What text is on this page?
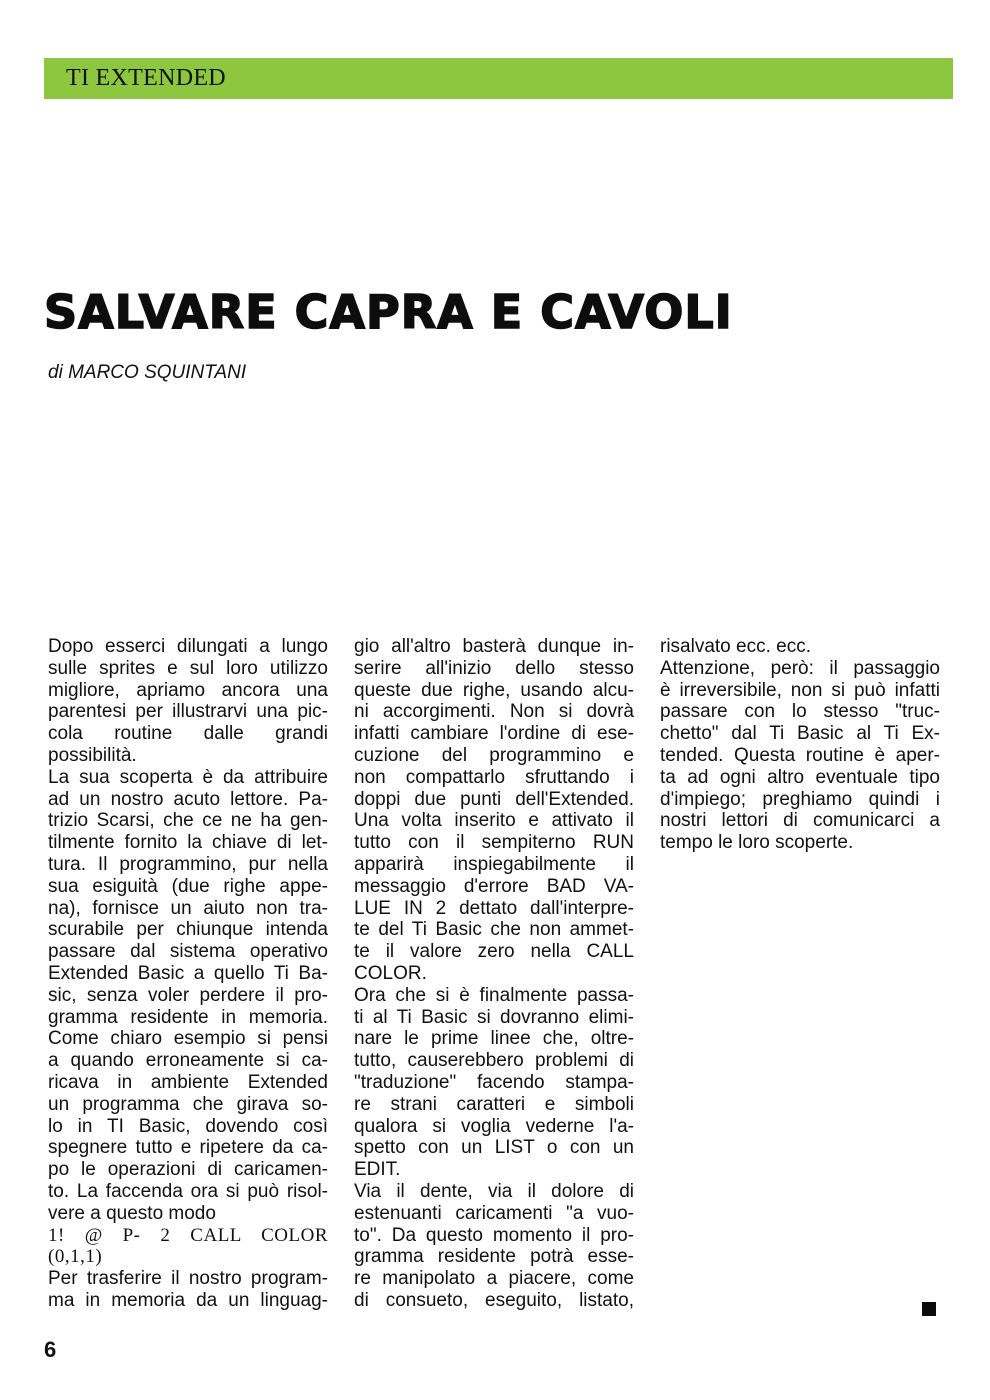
TI EXTENDED
SALVARE CAPRA E CAVOLI
di MARCO SQUINTANI
Dopo esserci dilungati a lungo
sulle sprites e sul loro utilizzo
migliore, apriamo ancora una
parentesi per illustrarvi una pic-
cola routine dalle grandi
possibilità.
La sua scoperta è da attribuire
ad un nostro acuto lettore. Pa-
trizio Scarsi, che ce ne ha gen-
tilmente fornito la chiave di let-
tura. Il programmino, pur nella
sua esiguità (due righe appe-
na), fornisce un aiuto non tra-
scurabile per chiunque intenda
passare dal sistema operativo
Extended Basic a quello Ti Ba-
sic, senza voler perdere il pro-
gramma residente in memoria.
Come chiaro esempio si pensi
a quando erroneamente si ca-
ricava in ambiente Extended
un programma che girava so-
lo in TI Basic, dovendo così
spegnere tutto e ripetere da ca-
po le operazioni di caricamen-
to. La faccenda ora si può risol-
vere a questo modo
1! @ P- 2 CALL COLOR
(0,1,1)
Per trasferire il nostro program-
ma in memoria da un linguag-
gio all'altro basterà dunque in-
serire all'inizio dello stesso
queste due righe, usando alcu-
ni accorgimenti. Non si dovrà
infatti cambiare l'ordine di ese-
cuzione del programmino e
non compattarlo sfruttando i
doppi due punti dell'Extended.
Una volta inserito e attivato il
tutto con il sempiterno RUN
apparirà inspiegabilmente il
messaggio d'errore BAD VA-
LUE IN 2 dettato dall'interpre-
te del Ti Basic che non ammet-
te il valore zero nella CALL
COLOR.
Ora che si è finalmente passa-
ti al Ti Basic si dovranno elimi-
nare le prime linee che, oltre-
tutto, causerebbero problemi di
"traduzione" facendo stampa-
re strani caratteri e simboli
qualora si voglia vederne l'a-
spetto con un LIST o con un
EDIT.
Via il dente, via il dolore di
estenuanti caricamenti "a vuo-
to". Da questo momento il pro-
gramma residente potrà esse-
re manipolato a piacere, come
di consueto, eseguito, listato,
risalvato ecc. ecc.
Attenzione, però: il passaggio
è irreversibile, non si può infatti
passare con lo stesso "truc-
chetto" dal Ti Basic al Ti Ex-
tended. Questa routine è aper-
ta ad ogni altro eventuale tipo
d'impiego; preghiamo quindi i
nostri lettori di comunicarci a
tempo le loro scoperte.
6
